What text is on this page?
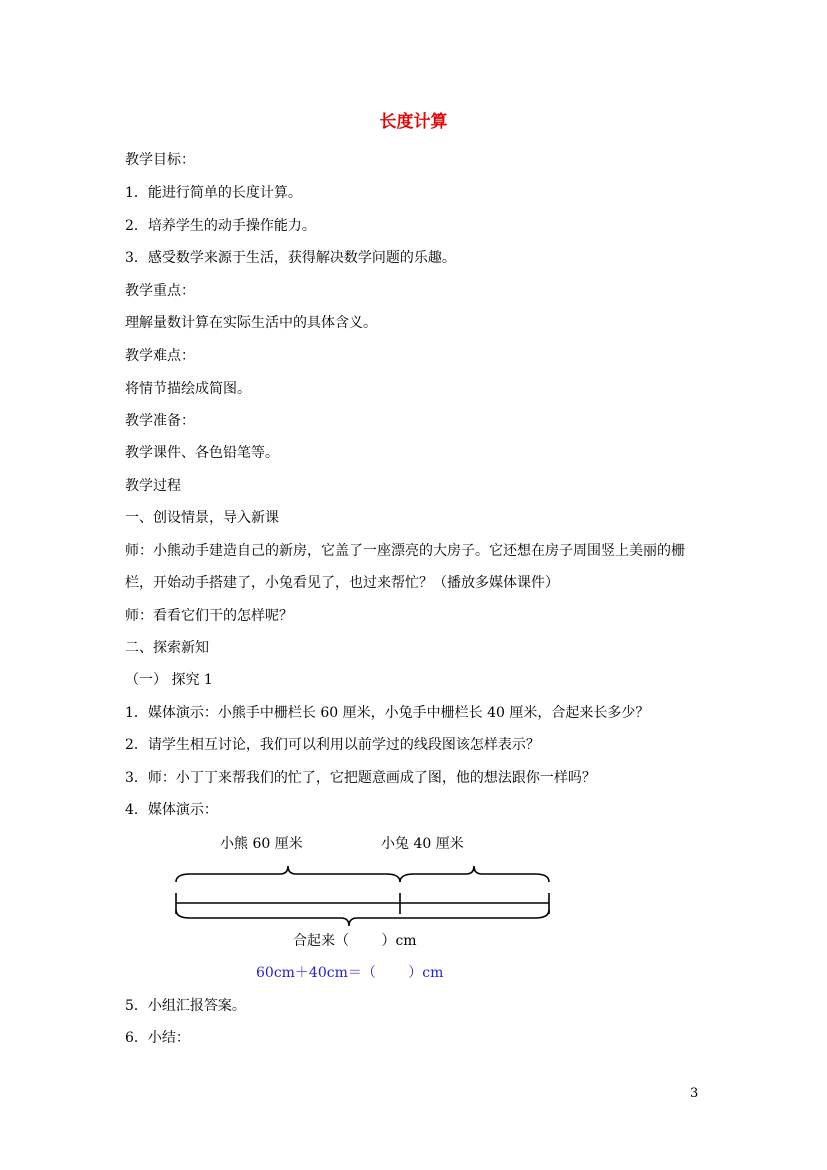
长度计算
教学目标：
1．能进行简单的长度计算。
2．培养学生的动手操作能力。
3．感受数学来源于生活，获得解决数学问题的乐趣。
教学重点：
理解量数计算在实际生活中的具体含义。
教学难点：
将情节描绘成简图。
教学准备：
教学课件、各色铅笔等。
教学过程
一、创设情景，导入新课
师：小熊动手建造自己的新房，它盖了一座漂亮的大房子。它还想在房子周围竖上美丽的栅
栏，开始动手搭建了，小兔看见了，也过来帮忙？（播放多媒体课件）
师：看看它们干的怎样呢？
二、探索新知
（一） 探究 1
1．媒体演示：小熊手中栅栏长 60 厘米，小兔手中栅栏长 40 厘米，合起来长多少？
2．请学生相互讨论，我们可以利用以前学过的线段图该怎样表示？
3．师：小丁丁来帮我们的忙了，它把题意画成了图，他的想法跟你一样吗？
4．媒体演示：
小熊 60 厘米	小兔 40 厘米
合起来（　　 ）cm
60cm＋40cm＝（　　 ）cm
5．小组汇报答案。
6．小结：
3
